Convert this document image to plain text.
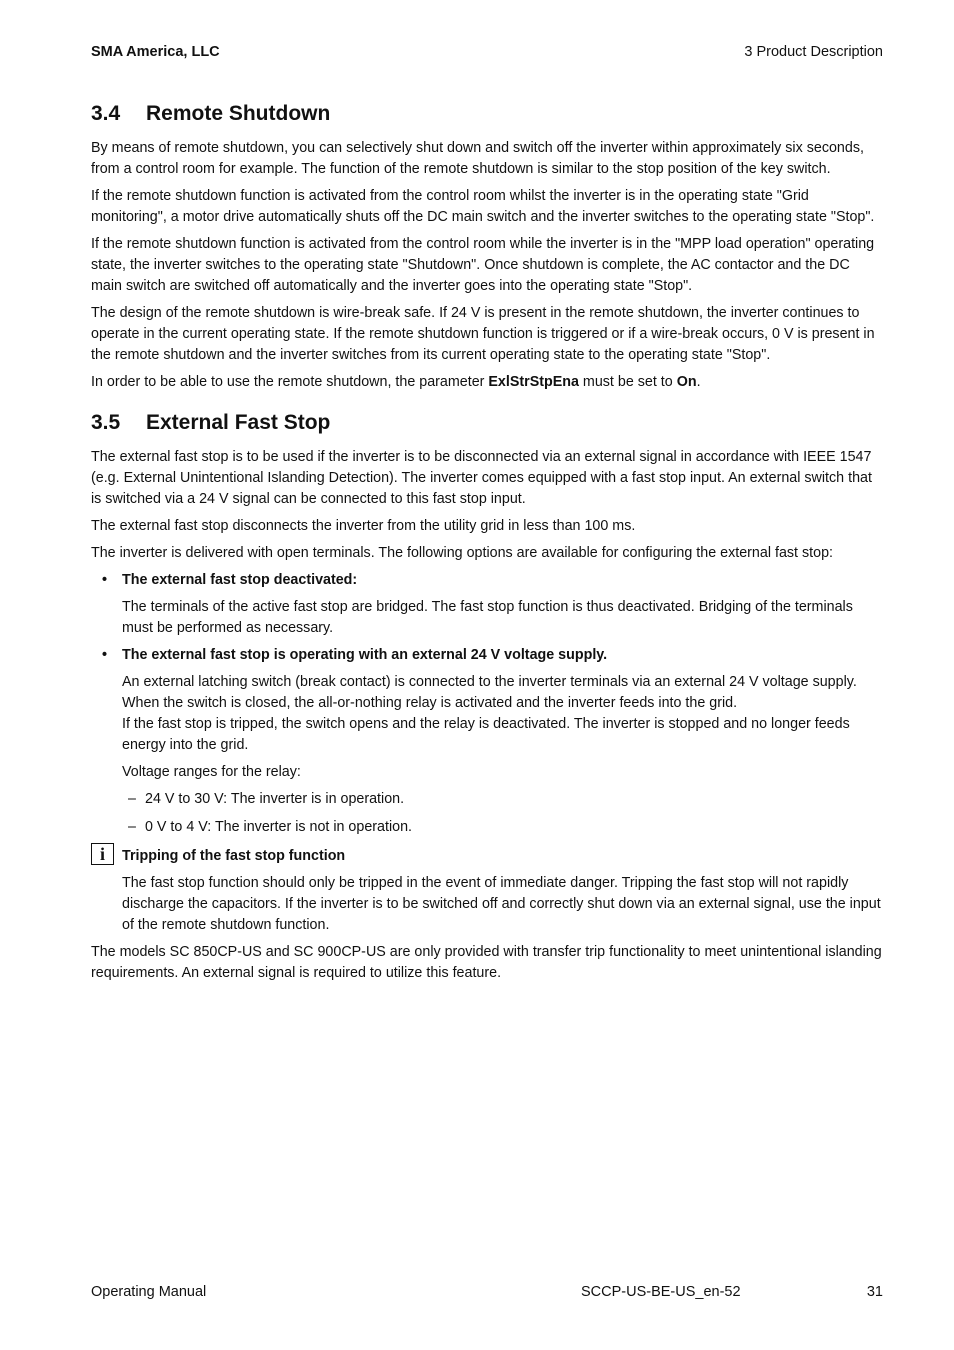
SMA America, LLC	3 Product Description
3.4 Remote Shutdown

By means of remote shutdown, you can selectively shut down and switch off the inverter within approximately six seconds, from a control room for example. The function of the remote shutdown is similar to the stop position of the key switch.

If the remote shutdown function is activated from the control room whilst the inverter is in the operating state "Grid monitoring", a motor drive automatically shuts off the DC main switch and the inverter switches to the operating state "Stop".

If the remote shutdown function is activated from the control room while the inverter is in the "MPP load operation" operating state, the inverter switches to the operating state "Shutdown". Once shutdown is complete, the AC contactor and the DC main switch are switched off automatically and the inverter goes into the operating state "Stop".

The design of the remote shutdown is wire-break safe. If 24 V is present in the remote shutdown, the inverter continues to operate in the current operating state. If the remote shutdown function is triggered or if a wire-break occurs, 0 V is present in the remote shutdown and the inverter switches from its current operating state to the operating state "Stop".

In order to be able to use the remote shutdown, the parameter ExlStrStpEna must be set to On.

3.5 External Fast Stop

The external fast stop is to be used if the inverter is to be disconnected via an external signal in accordance with IEEE 1547 (e.g. External Unintentional Islanding Detection). The inverter comes equipped with a fast stop input. An external switch that is switched via a 24 V signal can be connected to this fast stop input.

The external fast stop disconnects the inverter from the utility grid in less than 100 ms.

The inverter is delivered with open terminals. The following options are available for configuring the external fast stop:

• The external fast stop deactivated:

The terminals of the active fast stop are bridged. The fast stop function is thus deactivated. Bridging of the terminals must be performed as necessary.

• The external fast stop is operating with an external 24 V voltage supply.

An external latching switch (break contact) is connected to the inverter terminals via an external 24 V voltage supply. When the switch is closed, the all-or-nothing relay is activated and the inverter feeds into the grid.

If the fast stop is tripped, the switch opens and the relay is deactivated. The inverter is stopped and no longer feeds energy into the grid.

Voltage ranges for the relay:

– 24 V to 30 V: The inverter is in operation.
– 0 V to 4 V: The inverter is not in operation.
i	Tripping of the fast stop function

The fast stop function should only be tripped in the event of immediate danger. Tripping the fast stop will not rapidly discharge the capacitors. If the inverter is to be switched off and correctly shut down via an external signal, use the input of the remote shutdown function.

The models SC 850CP-US and SC 900CP-US are only provided with transfer trip functionality to meet unintentional islanding requirements. An external signal is required to utilize this feature.

Operating Manual	SCCP-US-BE-US_en-52	31
